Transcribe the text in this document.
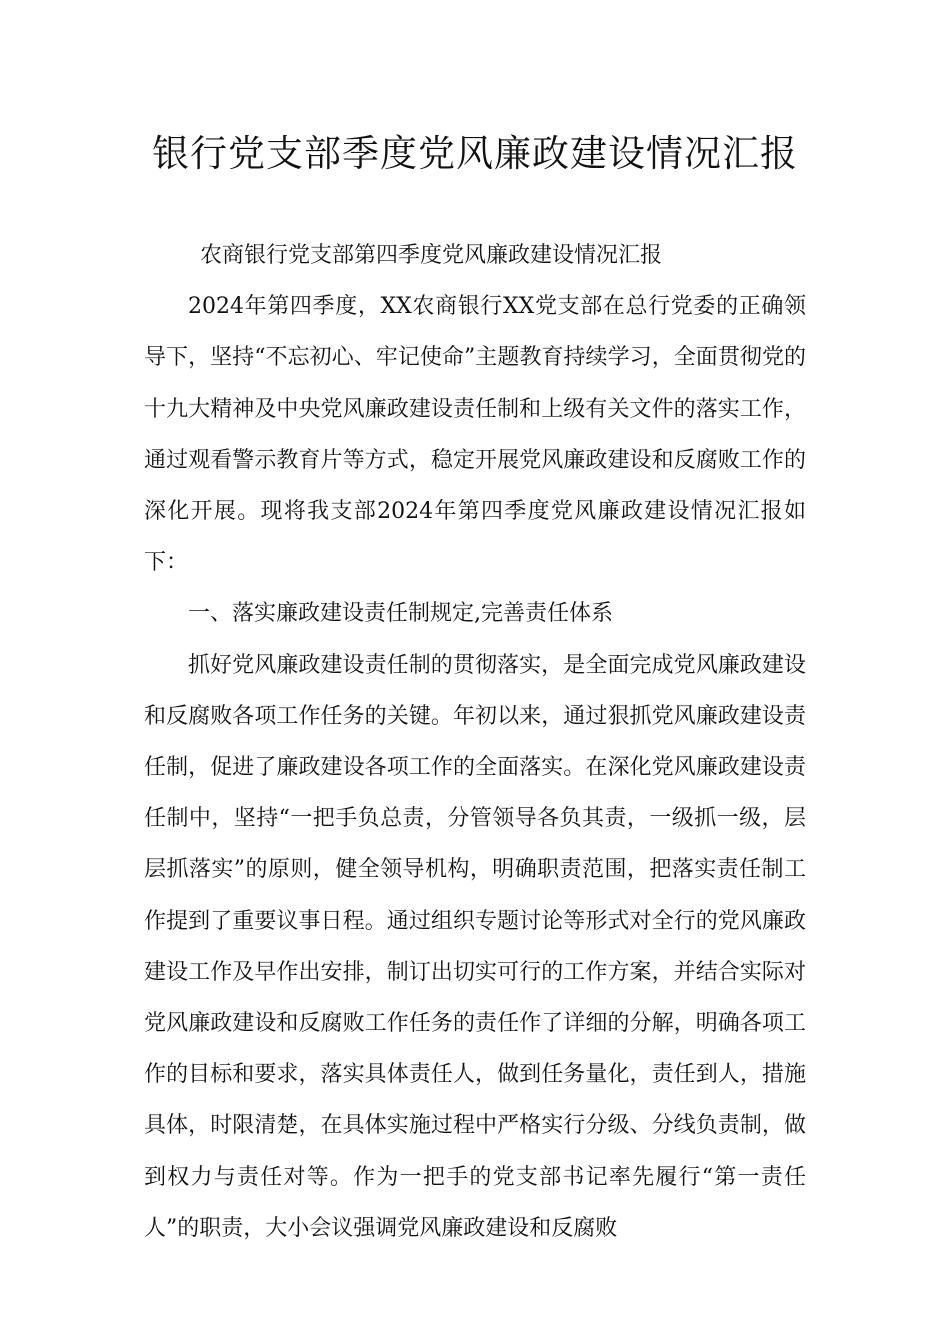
银行党支部季度党风廉政建设情况汇报

农商银行党支部第四季度党风廉政建设情况汇报

2024年第四季度，XX农商银行XX党支部在总行党委的正确领导下，坚持“不忘初心、牢记使命”主题教育持续学习，全面贯彻党的十九大精神及中央党风廉政建设责任制和上级有关文件的落实工作，通过观看警示教育片等方式，稳定开展党风廉政建设和反腐败工作的深化开展。现将我支部2024年第四季度党风廉政建设情况汇报如下：

一、落实廉政建设责任制规定,完善责任体系

抓好党风廉政建设责任制的贯彻落实，是全面完成党风廉政建设和反腐败各项工作任务的关键。年初以来，通过狠抓党风廉政建设责任制，促进了廉政建设各项工作的全面落实。在深化党风廉政建设责任制中，坚持“一把手负总责，分管领导各负其责，一级抓一级，层层抓落实”的原则，健全领导机构，明确职责范围，把落实责任制工作提到了重要议事日程。通过组织专题讨论等形式对全行的党风廉政建设工作及早作出安排，制订出切实可行的工作方案，并结合实际对党风廉政建设和反腐败工作任务的责任作了详细的分解，明确各项工作的目标和要求，落实具体责任人，做到任务量化，责任到人，措施具体，时限清楚，在具体实施过程中严格实行分级、分线负责制，做到权力与责任对等。作为一把手的党支部书记率先履行“第一责任人”的职责，大小会议强调党风廉政建设和反腐败
